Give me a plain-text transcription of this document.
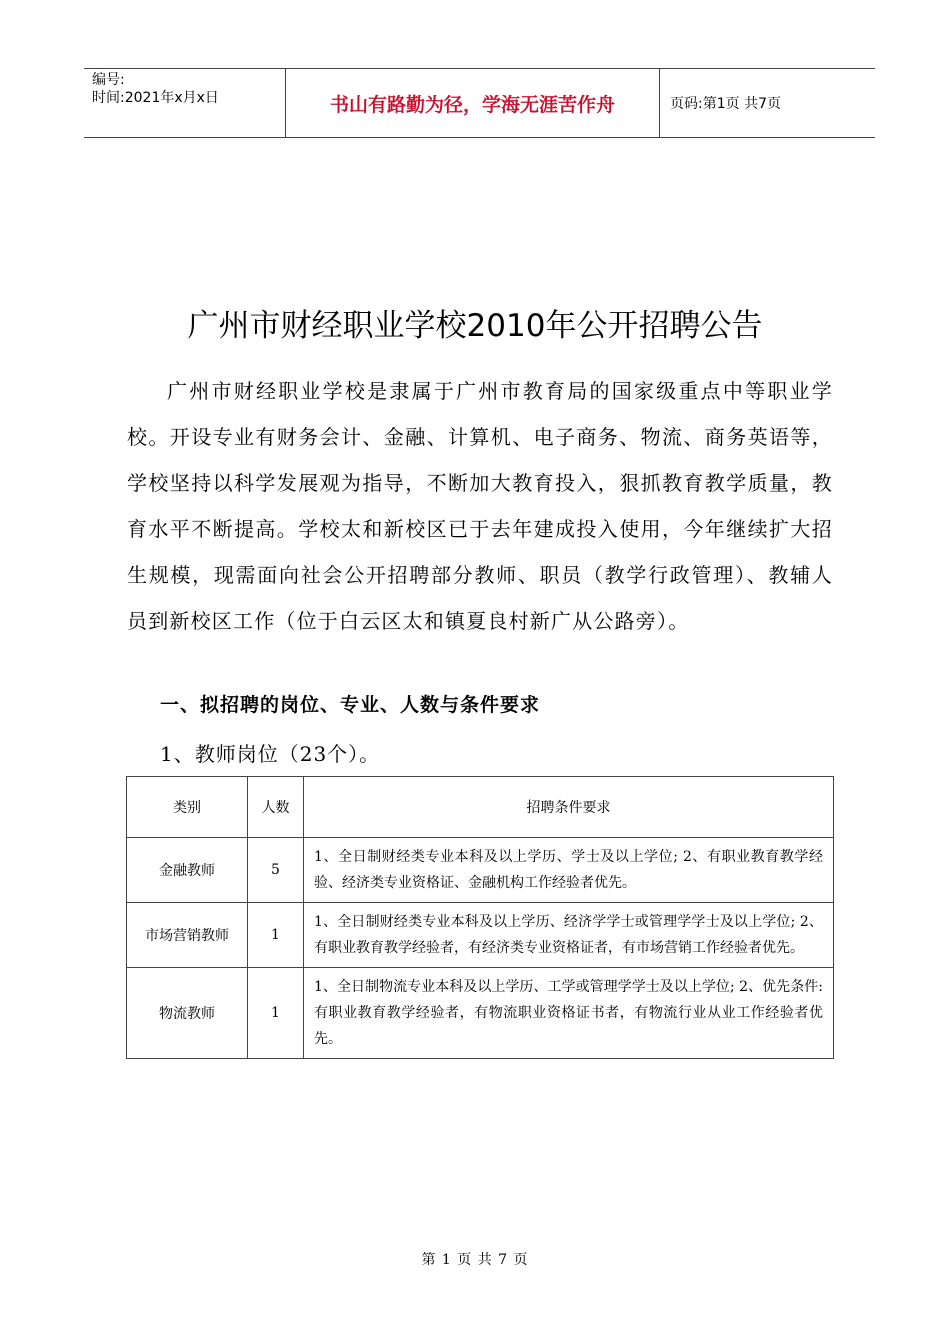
编号:
时间:2021年x月x日	书山有路勤为径，学海无涯苦作舟	页码:第1页 共7页
广州市财经职业学校2010年公开招聘公告

广州市财经职业学校是隶属于广州市教育局的国家级重点中等职业学校。开设专业有财务会计、金融、计算机、电子商务、物流、商务英语等，学校坚持以科学发展观为指导，不断加大教育投入，狠抓教育教学质量，教育水平不断提高。学校太和新校区已于去年建成投入使用，今年继续扩大招生规模，现需面向社会公开招聘部分教师、职员（教学行政管理）、教辅人员到新校区工作（位于白云区太和镇夏良村新广从公路旁）。

一、拟招聘的岗位、专业、人数与条件要求
1、教师岗位（23个）。
类别	人数	招聘条件要求
金融教师	5	1、全日制财经类专业本科及以上学历、学士及以上学位; 2、有职业教育教学经验、经济类专业资格证、金融机构工作经验者优先。
市场营销教师	1	1、全日制财经类专业本科及以上学历、经济学学士或管理学学士及以上学位; 2、有职业教育教学经验者，有经济类专业资格证者，有市场营销工作经验者优先。
物流教师	1	1、全日制物流专业本科及以上学历、工学或管理学学士及以上学位; 2、优先条件: 有职业教育教学经验者，有物流职业资格证书者，有物流行业从业工作经验者优先。
第 1 页 共 7 页
